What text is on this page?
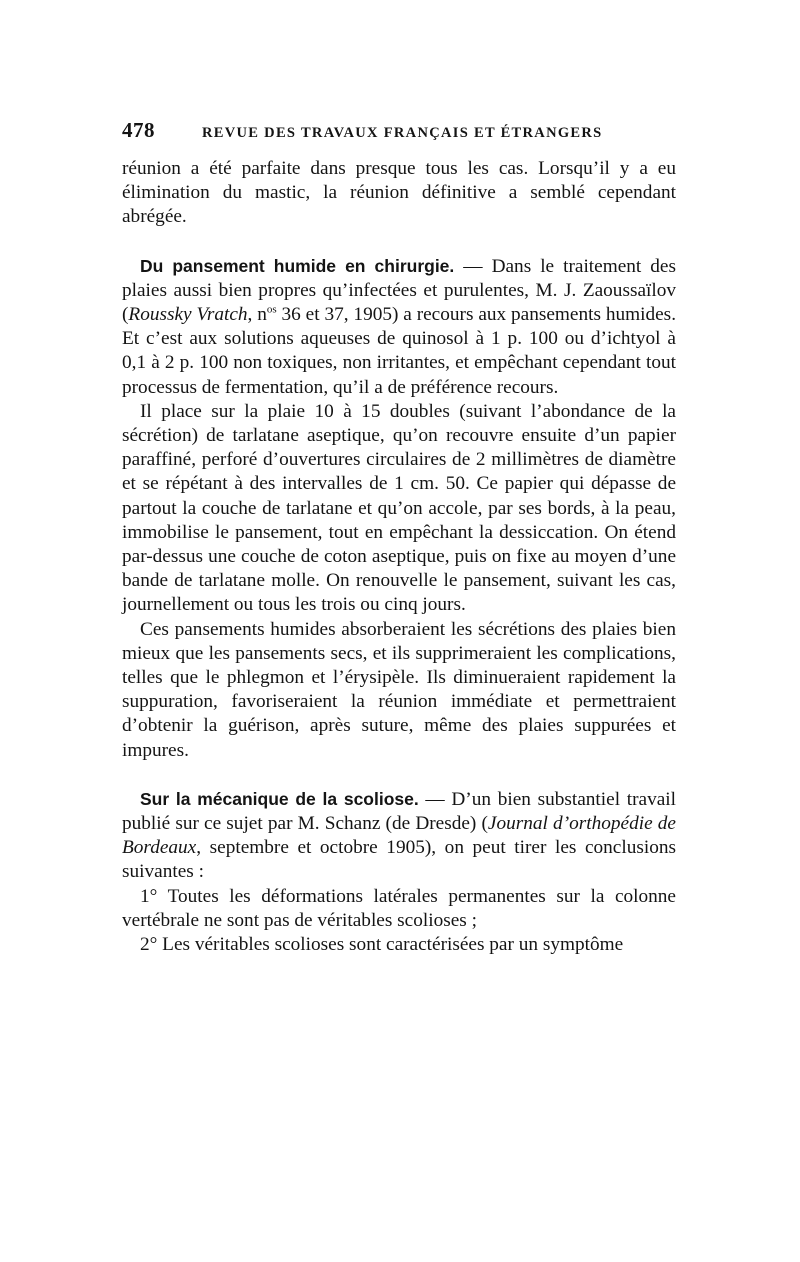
478	REVUE DES TRAVAUX FRANÇAIS ET ÉTRANGERS

réunion a été parfaite dans presque tous les cas. Lorsqu’il y a eu élimination du mastic, la réunion définitive a semblé cependant abrégée.

Du pansement humide en chirurgie. — Dans le traitement des plaies aussi bien propres qu’infectées et purulentes, M. J. Zaoussaïlov (Roussky Vratch, $n^{os}$ 36 et 37, 1905) a recours aux pansements humides. Et c’est aux solutions aqueuses de quinosol à 1 p. 100 ou d’ichtyol à 0,1 à 2 p. 100 non toxiques, non irritantes, et empêchant cependant tout processus de fermentation, qu’il a de préférence recours.

Il place sur la plaie 10 à 15 doubles (suivant l’abondance de la sécrétion) de tarlatane aseptique, qu’on recouvre ensuite d’un papier paraffiné, perforé d’ouvertures circulaires de 2 millimètres de diamètre et se répétant à des intervalles de 1 cm. 50. Ce papier qui dépasse de partout la couche de tarlatane et qu’on accole, par ses bords, à la peau, immobilise le pansement, tout en empêchant la dessiccation. On étend par-dessus une couche de coton aseptique, puis on fixe au moyen d’une bande de tarlatane molle. On renouvelle le pansement, suivant les cas, journellement ou tous les trois ou cinq jours.

Ces pansements humides absorberaient les sécrétions des plaies bien mieux que les pansements secs, et ils supprimeraient les complications, telles que le phlegmon et l’érysipèle. Ils diminueraient rapidement la suppuration, favoriseraient la réunion immédiate et permettraient d’obtenir la guérison, après suture, même des plaies suppurées et impures.

Sur la mécanique de la scoliose. — D’un bien substantiel travail publié sur ce sujet par M. Schanz (de Dresde) (Journal d’orthopédie de Bordeaux, septembre et octobre 1905), on peut tirer les conclusions suivantes :

1° Toutes les déformations latérales permanentes sur la colonne vertébrale ne sont pas de véritables scolioses ;

2° Les véritables scolioses sont caractérisées par un symptôme
